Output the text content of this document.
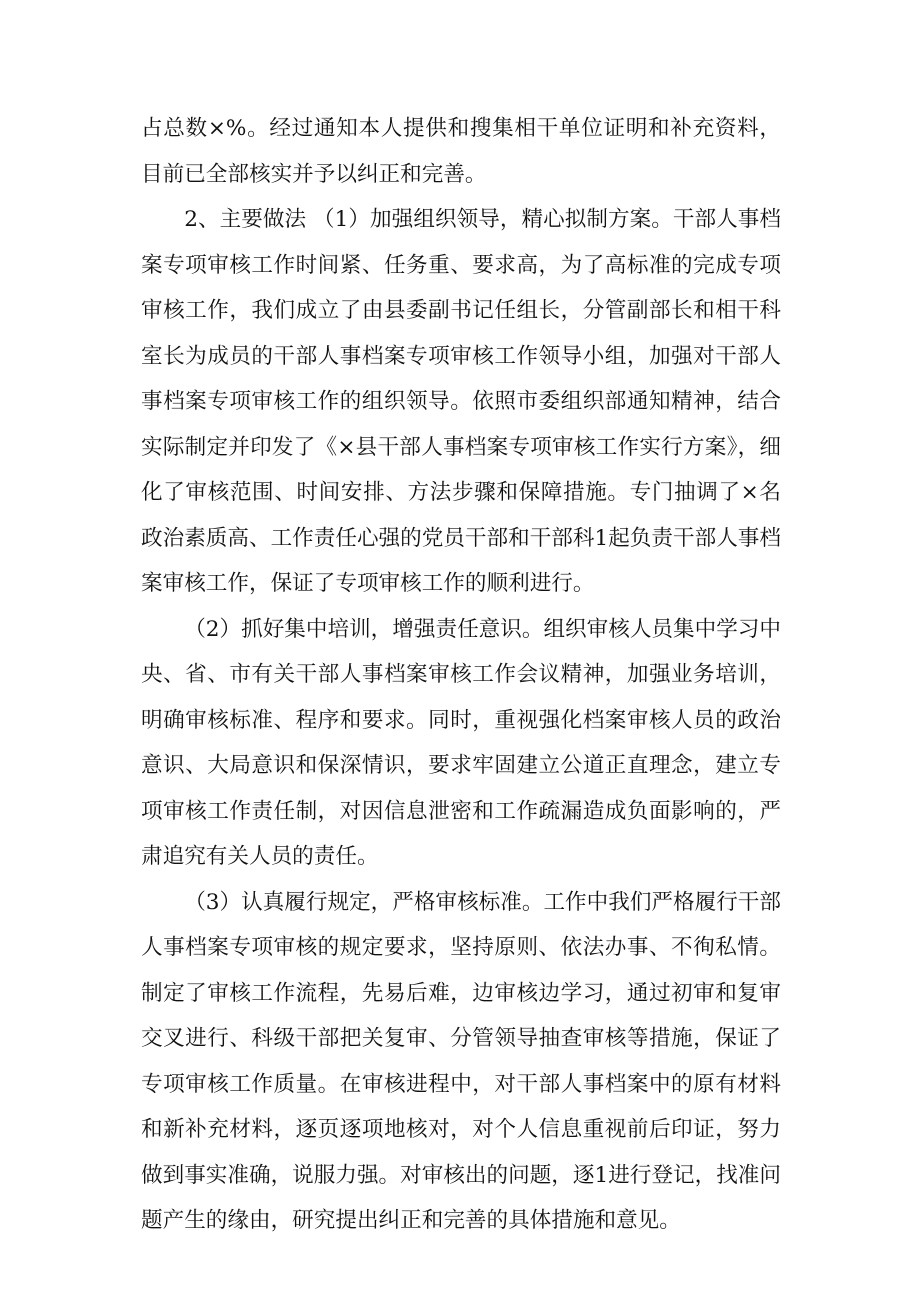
占总数×%。经过通知本人提供和搜集相干单位证明和补充资料，目前已全部核实并予以纠正和完善。

2、主要做法 （1）加强组织领导，精心拟制方案。干部人事档案专项审核工作时间紧、任务重、要求高，为了高标准的完成专项审核工作，我们成立了由县委副书记任组长，分管副部长和相干科室长为成员的干部人事档案专项审核工作领导小组，加强对干部人事档案专项审核工作的组织领导。依照市委组织部通知精神，结合实际制定并印发了《×县干部人事档案专项审核工作实行方案》，细化了审核范围、时间安排、方法步骤和保障措施。专门抽调了×名政治素质高、工作责任心强的党员干部和干部科1起负责干部人事档案审核工作，保证了专项审核工作的顺利进行。

（2）抓好集中培训，增强责任意识。组织审核人员集中学习中央、省、市有关干部人事档案审核工作会议精神，加强业务培训，明确审核标准、程序和要求。同时，重视强化档案审核人员的政治意识、大局意识和保深情识，要求牢固建立公道正直理念，建立专项审核工作责任制，对因信息泄密和工作疏漏造成负面影响的，严肃追究有关人员的责任。

（3）认真履行规定，严格审核标准。工作中我们严格履行干部人事档案专项审核的规定要求，坚持原则、依法办事、不徇私情。制定了审核工作流程，先易后难，边审核边学习，通过初审和复审交叉进行、科级干部把关复审、分管领导抽查审核等措施，保证了专项审核工作质量。在审核进程中，对干部人事档案中的原有材料和新补充材料，逐页逐项地核对，对个人信息重视前后印证，努力做到事实准确，说服力强。对审核出的问题，逐1进行登记，找准问题产生的缘由，研究提出纠正和完善的具体措施和意见。
